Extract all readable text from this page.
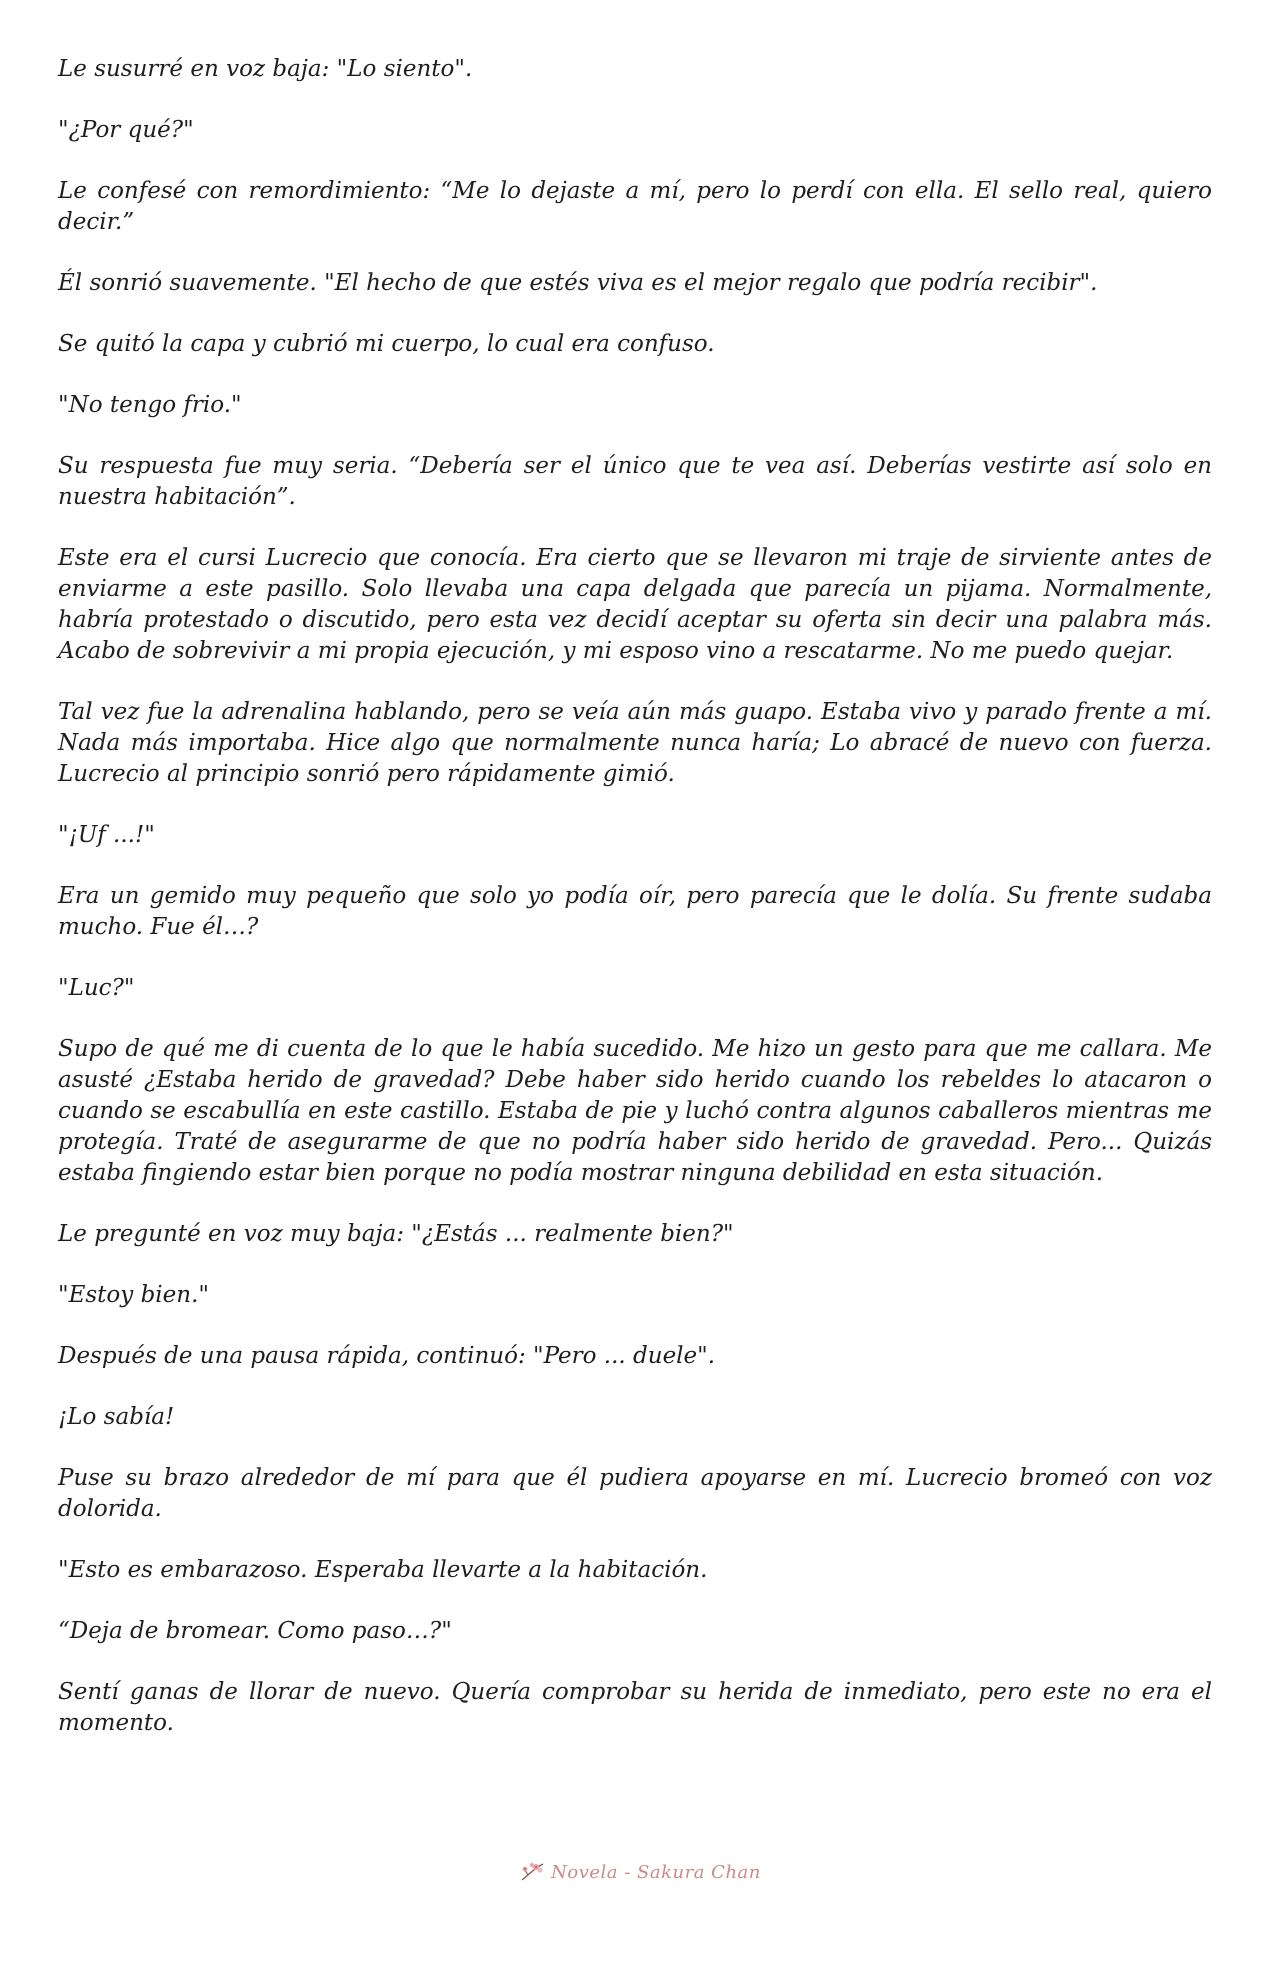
Le susurré en voz baja: "Lo siento".

"¿Por qué?"

Le confesé con remordimiento: “Me lo dejaste a mí, pero lo perdí con ella. El sello real, quiero decir.”

Él sonrió suavemente. "El hecho de que estés viva es el mejor regalo que podría recibir".

Se quitó la capa y cubrió mi cuerpo, lo cual era confuso.

"No tengo frio."

Su respuesta fue muy seria. “Debería ser el único que te vea así. Deberías vestirte así solo en nuestra habitación”.

Este era el cursi Lucrecio que conocía. Era cierto que se llevaron mi traje de sirviente antes de enviarme a este pasillo. Solo llevaba una capa delgada que parecía un pijama. Normalmente, habría protestado o discutido, pero esta vez decidí aceptar su oferta sin decir una palabra más. Acabo de sobrevivir a mi propia ejecución, y mi esposo vino a rescatarme. No me puedo quejar.

Tal vez fue la adrenalina hablando, pero se veía aún más guapo. Estaba vivo y parado frente a mí. Nada más importaba. Hice algo que normalmente nunca haría; Lo abracé de nuevo con fuerza. Lucrecio al principio sonrió pero rápidamente gimió.

"¡Uf ...!"

Era un gemido muy pequeño que solo yo podía oír, pero parecía que le dolía. Su frente sudaba mucho. Fue él…?

"Luc?"

Supo de qué me di cuenta de lo que le había sucedido. Me hizo un gesto para que me callara. Me asusté ¿Estaba herido de gravedad? Debe haber sido herido cuando los rebeldes lo atacaron o cuando se escabullía en este castillo. Estaba de pie y luchó contra algunos caballeros mientras me protegía. Traté de asegurarme de que no podría haber sido herido de gravedad. Pero... Quizás estaba fingiendo estar bien porque no podía mostrar ninguna debilidad en esta situación.

Le pregunté en voz muy baja: "¿Estás ... realmente bien?"

"Estoy bien."

Después de una pausa rápida, continuó: "Pero ... duele".

¡Lo sabía!

Puse su brazo alrededor de mí para que él pudiera apoyarse en mí. Lucrecio bromeó con voz dolorida.

"Esto es embarazoso. Esperaba llevarte a la habitación.

“Deja de bromear. Como paso…?"

Sentí ganas de llorar de nuevo. Quería comprobar su herida de inmediato, pero este no era el momento.

Novela - Sakura Chan
